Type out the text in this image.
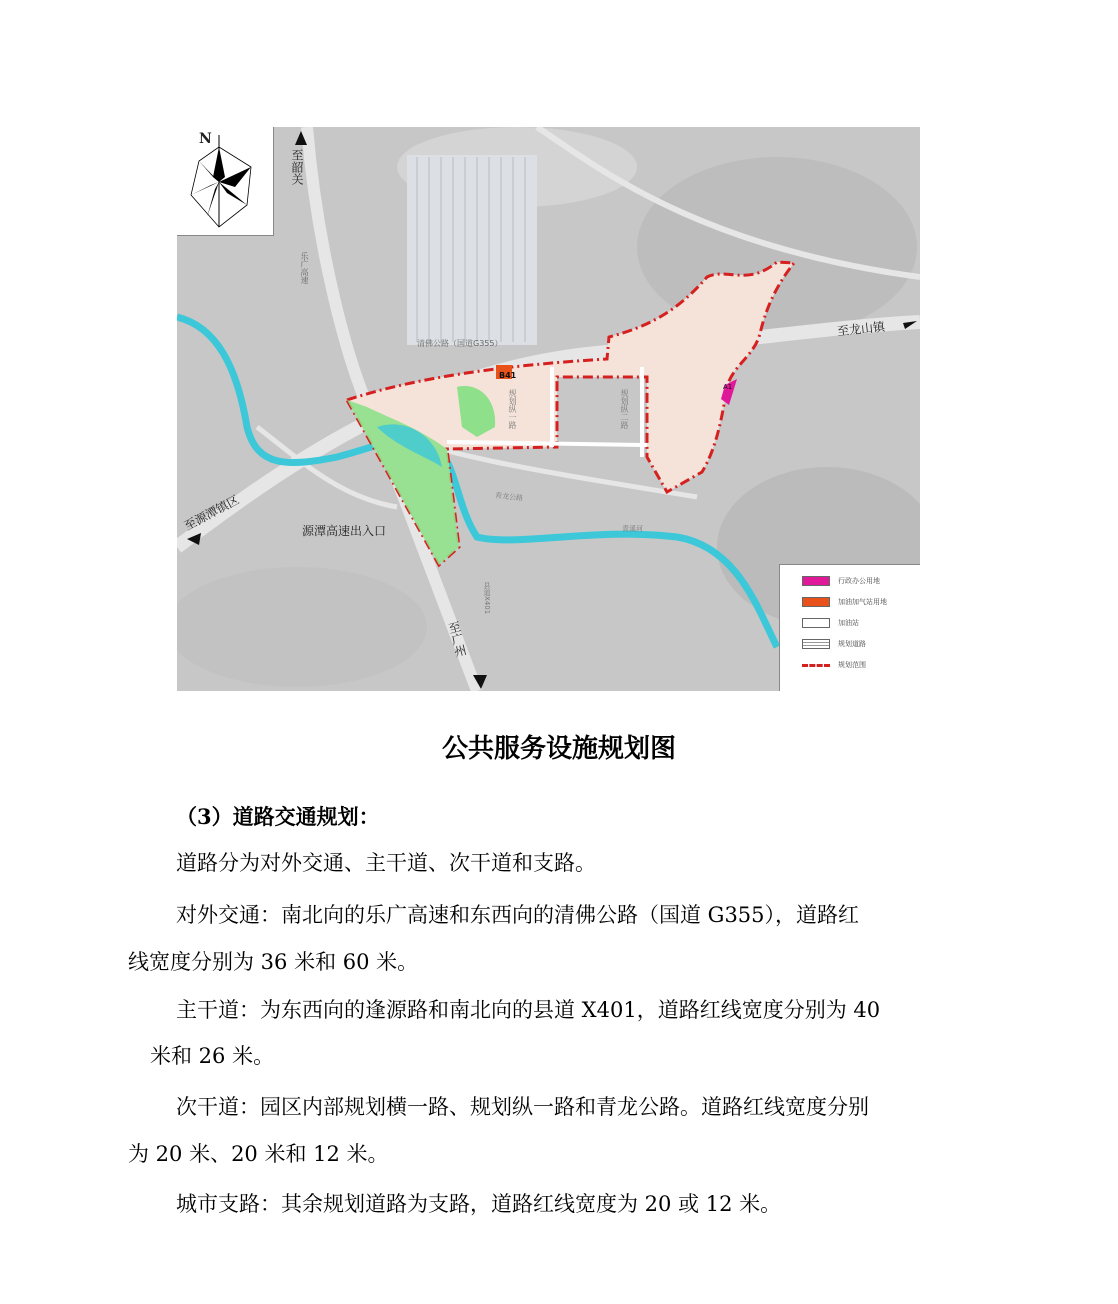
N
至韶关
乐广高速
清佛公路（国道G355）
至龙山镇
至源潭镇区	源潭高速出入口
至广州
规划纵一路	规划纵二路
青龙公路
县道X401
青溪河
B41
A1
行政办公用地
加油加气站用地
加油站
规划道路
规划范围
公共服务设施规划图
（3）道路交通规划：
道路分为对外交通、主干道、次干道和支路。
对外交通：南北向的乐广高速和东西向的清佛公路（国道 G355），道路红
线宽度分别为 36 米和 60 米。
主干道：为东西向的逢源路和南北向的县道 X401，道路红线宽度分别为 40
米和 26 米。
次干道：园区内部规划横一路、规划纵一路和青龙公路。道路红线宽度分别
为 20 米、20 米和 12 米。
城市支路：其余规划道路为支路，道路红线宽度为 20 或 12 米。
